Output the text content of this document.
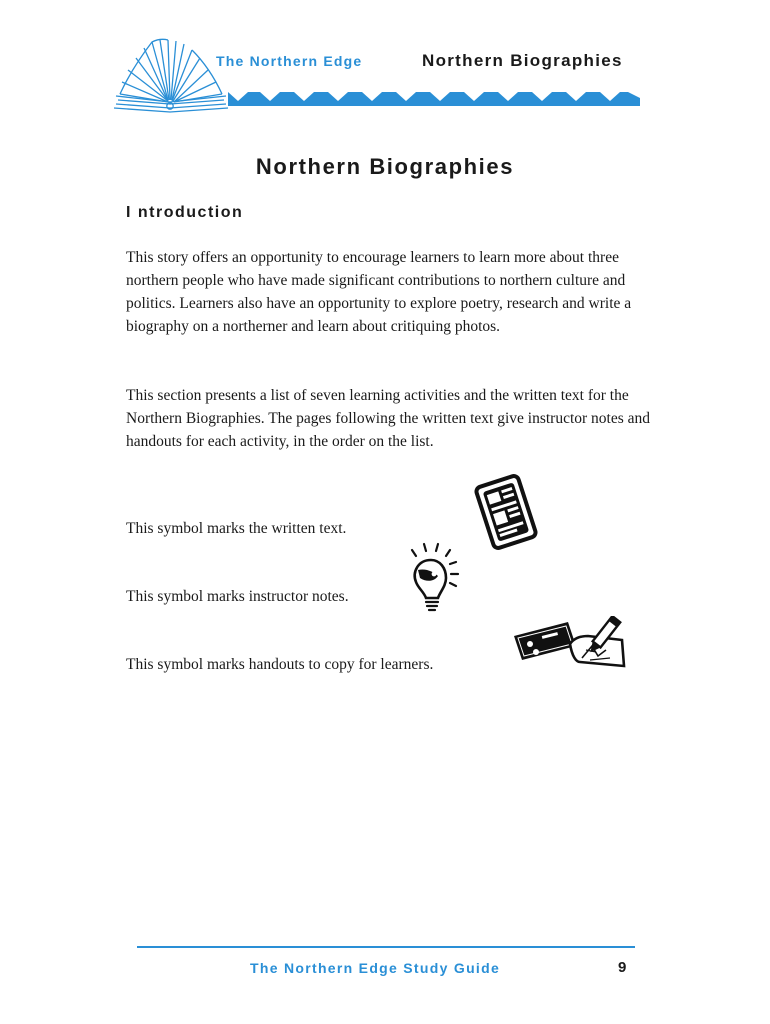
The Northern Edge	Northern Biographies
Northern Biographies
I ntroduction
This story offers an opportunity to encourage learners to learn more about three northern people who have made significant contributions to northern culture and politics. Learners also have an opportunity to explore poetry, research and write a biography on a northerner and learn about critiquing photos.
This section presents a list of seven learning activities and the written text for the Northern Biographies. The pages following the written text give instructor notes and handouts for each activity, in the order on the list.
This symbol marks the written text.
This symbol marks instructor notes.
This symbol marks handouts to copy for learners.
The Northern Edge Study Guide	9
